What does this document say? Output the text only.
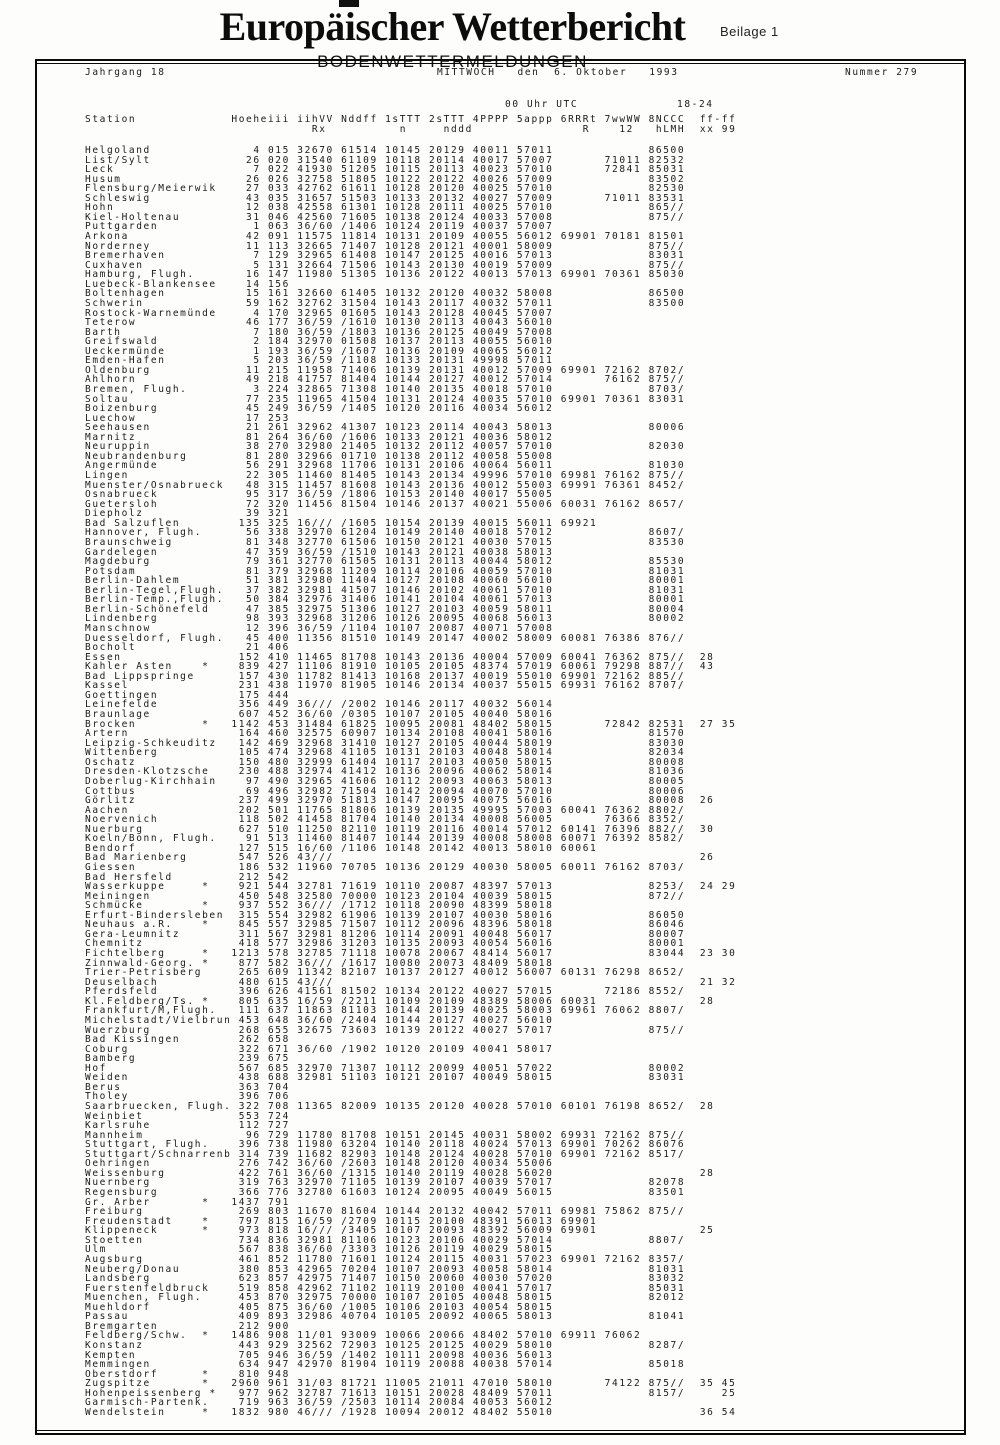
Europäischer Wetterbericht
BODENWETTERMELDUNGEN
Beilage 1
Jahrgang 18	MITTWOCH   den  6. Oktober   1993	Nummer 279
00 Uhr UTC	18-24
Station             Hoeheiii iihVV Nddff 1sTTT 2sTTT 4PPPP 5appp 6RRRt 7wwWW 8NCCC  ff-ff
Rx          n     nddd               R    12   hLMH  xx 99
Helgoland              4 015 32670 61514 10145 20129 40011 57011             86500
List/Sylt             26 020 31540 61109 10118 20114 40017 57007       71011 82532
Leck                   7 022 41930 51205 10115 20113 40023 57010       72841 85031
Husum                 26 026 32758 51805 10122 20122 40026 57009             83502
Flensburg/Meierwik    27 033 42762 61611 10128 20120 40025 57010             82530
Schleswig             43 035 31657 51503 10133 20132 40027 57009       71011 83531
Hohn                  12 038 42558 61301 10128 20111 40025 57010             865//
Kiel-Holtenau         31 046 42560 71605 10138 20124 40033 57008             875//
Puttgarden             1 063 36/60 /1406 10124 20119 40037 57007
Arkona                42 091 11575 11814 10131 20109 40055 56012 69901 70181 81501
Norderney             11 113 32665 71407 10128 20121 40001 58009             875//
Bremerhaven            7 129 32965 61408 10147 20125 40016 57013             83031
Cuxhaven               5 131 32664 71506 10143 20130 40019 57009             875//
Hamburg, Flugh.       16 147 11980 51305 10136 20122 40013 57013 69901 70361 85030
Luebeck-Blankensee    14 156
Boltenhagen           15 161 32660 61405 10132 20120 40032 58008             86500
Schwerin              59 162 32762 31504 10143 20117 40032 57011             83500
Rostock-Warnemünde     4 170 32965 01605 10143 20128 40045 57007
Teterow               46 177 36/59 /1610 10130 20113 40043 56010
Barth                  7 180 36/59 /1803 10136 20125 40049 57008
Greifswald             2 184 32970 01508 10137 20113 40055 56010
Ueckermünde            1 193 36/59 /1607 10136 20109 40065 56012
Emden-Hafen            5 203 36/59 /1108 10133 20131 49998 57011
Oldenburg             11 215 11958 71406 10139 20131 40012 57009 69901 72162 8702/
Ahlhorn               49 218 41757 81404 10144 20127 40012 57014       76162 875//
Bremen, Flugh.         3 224 32865 71308 10140 20135 40018 57010             8703/
Soltau                77 235 11965 41504 10131 20124 40035 57010 69901 70361 83031
Boizenburg            45 249 36/59 /1405 10120 20116 40034 56012
Luechow               17 253
Seehausen             21 261 32962 41307 10123 20114 40043 58013             80006
Marnitz               81 264 36/60 /1606 10133 20121 40036 58012
Neuruppin             38 270 32980 21405 10132 20112 40057 57010             82030
Neubrandenburg        81 280 32966 01710 10138 20112 40058 55008
Angermünde            56 291 32968 11706 10131 20106 40064 56011             81030
Lingen                22 305 11460 81405 10143 20134 49996 57010 69981 76162 875//
Muenster/Osnabrueck   48 315 11457 81608 10143 20136 40012 55003 69991 76361 8452/
Osnabrueck            95 317 36/59 /1806 10153 20140 40017 55005
Guetersloh            72 320 11456 81504 10146 20137 40021 55006 60031 76162 8657/
Diepholz              39 321
Bad Salzuflen        135 325 16/// /1605 10154 20139 40015 56011 69921
Hannover, Flugh.      56 338 32970 61204 10149 20140 40018 57012             8607/
Braunschweig          81 348 32770 61506 10150 20121 40030 57015             83530
Gardelegen            47 359 36/59 /1510 10143 20121 40038 58013
Magdeburg             79 361 32770 61505 10131 20113 40044 58012             85530
Potsdam               81 379 32968 11209 10114 20106 40059 57010             81031
Berlin-Dahlem         51 381 32980 11404 10127 20108 40060 56010             80001
Berlin-Tegel,Flugh.   37 382 32981 41507 10146 20102 40061 57010             81031
Berlin-Temp.,Flugh.   50 384 32976 31406 10141 20104 40061 57013             80001
Berlin-Schönefeld     47 385 32975 51306 10127 20103 40059 58011             80004
Lindenberg            98 393 32968 31206 10126 20095 40068 56013             80002
Manschnow             12 396 36/59 /1104 10107 20087 40071 57008
Duesseldorf, Flugh.   45 400 11356 81510 10149 20147 40002 58009 60081 76386 876//
Bocholt               21 406
Essen                152 410 11465 81708 10143 20136 40004 57009 60041 76362 875//  28
Kahler Asten    *    839 427 11106 81910 10105 20105 48374 57019 60061 79298 887//  43
Bad Lippspringe      157 430 11782 81413 10168 20137 40019 55010 69901 72162 885//
Kassel               231 438 11970 81905 10146 20134 40037 55015 69931 76162 8707/
Goettingen           175 444
Leinefelde           356 449 36/// /2002 10146 20117 40032 56014
Braunlage            607 452 36/60 /0305 10107 20105 40040 58016
Brocken         *   1142 453 31484 61825 10095 20081 48402 58015       72842 82531  27 35
Artern               164 460 32575 60907 10134 20108 40041 58016             81570
Leipzig-Schkeuditz   142 469 32968 31410 10127 20105 40044 58019             83030
Wittenberg           105 474 32968 41105 10131 20103 40048 58014             82034
Oschatz              150 480 32999 61404 10117 20103 40050 58015             80008
Dresden-Klotzsche    230 488 32974 41412 10136 20096 40062 58014             81036
Doberlug-Kirchhain    97 490 32965 41606 10112 20093 40063 58013             80005
Cottbus               69 496 32982 71504 10142 20094 40070 57010             80006
Görlitz              237 499 32970 51813 10147 20095 40075 56016             80008  26
Aachen               202 501 11765 81806 10139 20135 49995 57003 60041 76362 8802/
Noervenich           118 502 41458 81704 10140 20134 40008 56005       76366 8352/
Nuerburg             627 510 11250 82110 10119 20116 40014 57012 60141 76396 882//  30
Koeln/Bonn, Flugh.    91 513 11460 81407 10144 20139 40008 58008 60071 76392 8582/
Bendorf              127 515 16/60 /1106 10148 20142 40013 58010 60061
Bad Marienberg       547 526 43///                                                  26
Giessen              186 532 11960 70705 10136 20129 40030 58005 60011 76162 8703/
Bad Hersfeld         212 542
Wasserkuppe     *    921 544 32781 71619 10110 20087 48397 57013             8253/  24 29
Meiningen            450 548 32580 70000 10123 20104 40039 58015             872//
Schmücke        *    937 552 36/// /1712 10118 20090 48399 58018
Erfurt-Bindersleben  315 554 32982 61906 10139 20107 40030 58016             86050
Neuhaus a.R.    *    845 557 32985 71507 10112 20096 48396 58018             86046
Gera-Leumnitz        311 567 32981 81206 10114 20091 40048 56017             80007
Chemnitz             418 577 32986 31203 10135 20093 40054 56016             80001
Fichtelberg     *   1213 578 32785 71118 10078 20067 48414 56017             83044  23 30
Zinnwald-Georg. *    877 582 36/// /1617 10080 20073 48409 58018
Trier-Petrisberg     265 609 11342 82107 10137 20127 40012 56007 60131 76298 8652/
Deuselbach           480 615 43///                                                  21 32
Pferdsfeld           396 626 41561 81502 10134 20122 40027 57015       72186 8552/
Kl.Feldberg/Ts. *    805 635 16/59 /2211 10109 20109 48389 58006 60031              28
Frankfurt/M,Flugh.   111 637 11863 81103 10144 20139 40025 58003 69961 76062 8807/
Michelstadt/Vielbrun 453 648 36/60 /2404 10144 20127 40027 56010
Wuerzburg            268 655 32675 73603 10139 20122 40027 57017             875//
Bad Kissingen        262 658
Coburg               322 671 36/60 /1902 10120 20109 40041 58017
Bamberg              239 675
Hof                  567 685 32970 71307 10112 20099 40051 57022             80002
Weiden               438 688 32981 51103 10121 20107 40049 58015             83031
Berus                363 704
Tholey               396 706
Saarbruecken, Flugh. 322 708 11365 82009 10135 20120 40028 57010 60101 76198 8652/  28
Weinbiet             553 724
Karlsruhe            112 727
Mannheim              96 729 11780 81708 10151 20145 40031 58002 69931 72162 875//
Stuttgart, Flugh.    396 738 11980 63204 10140 20118 40024 57013 69901 70262 86076
Stuttgart/Schnarrenb 314 739 11682 82903 10148 20124 40028 57010 69901 72162 8517/
Oehringen            276 742 36/60 /2603 10148 20120 40034 55006
Weissenburg          422 761 36/60 /1315 10140 20119 40028 56020                    28
Nuernberg            319 763 32970 71105 10139 20107 40039 57017             82078
Regensburg           366 776 32780 61603 10124 20095 40049 56015             83501
Gr. Arber       *   1437 791
Freiburg             269 803 11670 81604 10144 20132 40042 57011 69981 75862 875//
Freudenstadt    *    797 815 16/59 /2709 10115 20100 48391 56013 69901
Klippeneck      *    973 818 16/// /3405 10107 20093 48392 56009 69901              25
Stoetten             734 836 32981 81106 10123 20106 40029 57014             8807/
Ulm                  567 838 36/60 /3303 10126 20119 40029 58015
Augsburg             461 852 11780 71601 10124 20115 40031 57023 69901 72162 8357/
Neuberg/Donau        380 853 42965 70204 10107 20093 40058 58014             81031
Landsberg            623 857 42975 71407 10150 20060 40030 57020             83032
Fuerstenfeldbruck    519 858 42962 71102 10119 20100 40041 57017             85031
Muenchen, Flugh.     453 870 32975 70000 10107 20105 40048 58015             82012
Muehldorf            405 875 36/60 /1005 10106 20103 40054 58015
Passau               409 893 32986 40704 10105 20092 40065 58013             81041
Bremgarten           212 900
Feldberg/Schw.  *   1486 908 11/01 93009 10066 20066 48402 57010 69911 76062
Konstanz             443 929 32562 72903 10125 20125 40029 58010             8287/
Kempten              705 946 36/59 /1402 10111 20098 40036 56013
Memmingen            634 947 42970 81904 10119 20088 40038 57014             85018
Oberstdorf      *    810 948
Zugspitze       *   2960 961 31/03 81721 11005 21011 47010 58010       74122 875//  35 45
Hohenpeissenberg *   977 962 32787 71613 10151 20028 48409 57011             8157/     25
Garmisch-Partenk.    719 963 36/59 /2503 10114 20084 40053 56012
Wendelstein     *   1832 980 46/// /1928 10094 20012 48402 55010                    36 54
